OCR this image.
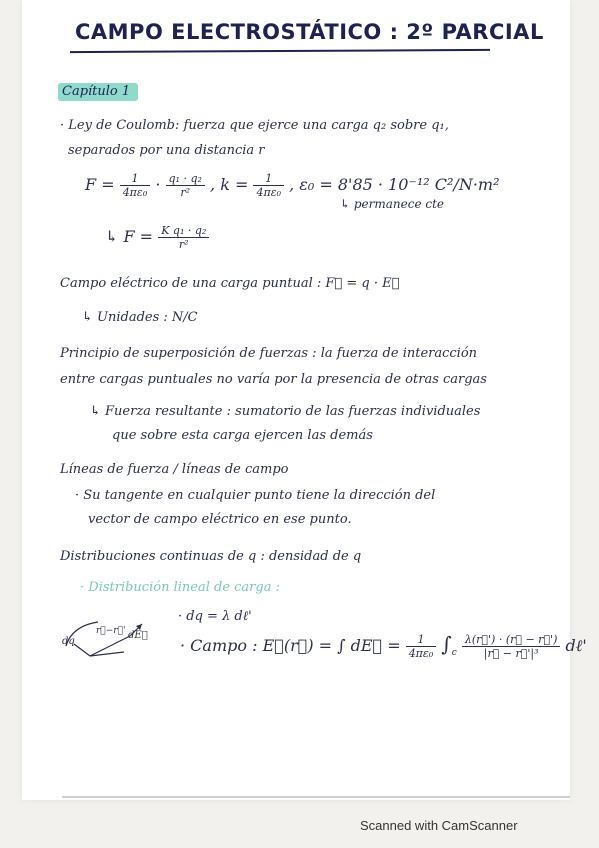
CAMPO ELECTROSTÁTICO : 2º PARCIAL
Capítulo 1
· Ley de Coulomb: fuerza que ejerce una carga q₂ sobre q₁,
separados por una distancia r
$F = \frac{1}{\text{4πε₀}} \cdot \frac{\text{q₁ · q₂}}{\text{r²}}$ , $k = \frac{1}{\text{4πε₀}}$ , ε₀ = 8'85 · 10⁻¹² C²/N·m²
↳ permanece cte
↳ $F = \frac{\text{K q₁ · q₂}}{\text{r²}}$
Campo eléctrico de una carga puntual : F⃗ = q · E⃗
↳ Unidades : N/C
Principio de superposición de fuerzas : la fuerza de interacción
entre cargas puntuales no varía por la presencia de otras cargas
↳ Fuerza resultante : sumatorio de las fuerzas individuales
que sobre esta carga ejercen las demás
Líneas de fuerza / líneas de campo
· Su tangente en cualquier punto tiene la dirección del
vector de campo eléctrico en ese punto.
Distribuciones continuas de q : densidad de q
· Distribución lineal de carga :
· dq = λ dℓ'
dq
r⃗−r⃗' dE⃗
· Campo : E⃗(r⃗) = ∫ dE⃗ = $\frac{1}{\text{4πε₀}} \int_c \frac{\lambda(r⃗') \cdot (r⃗ - r⃗')}{\text{|r⃗ − r⃗'|³}}$ dℓ'
Scanned with CamScanner
